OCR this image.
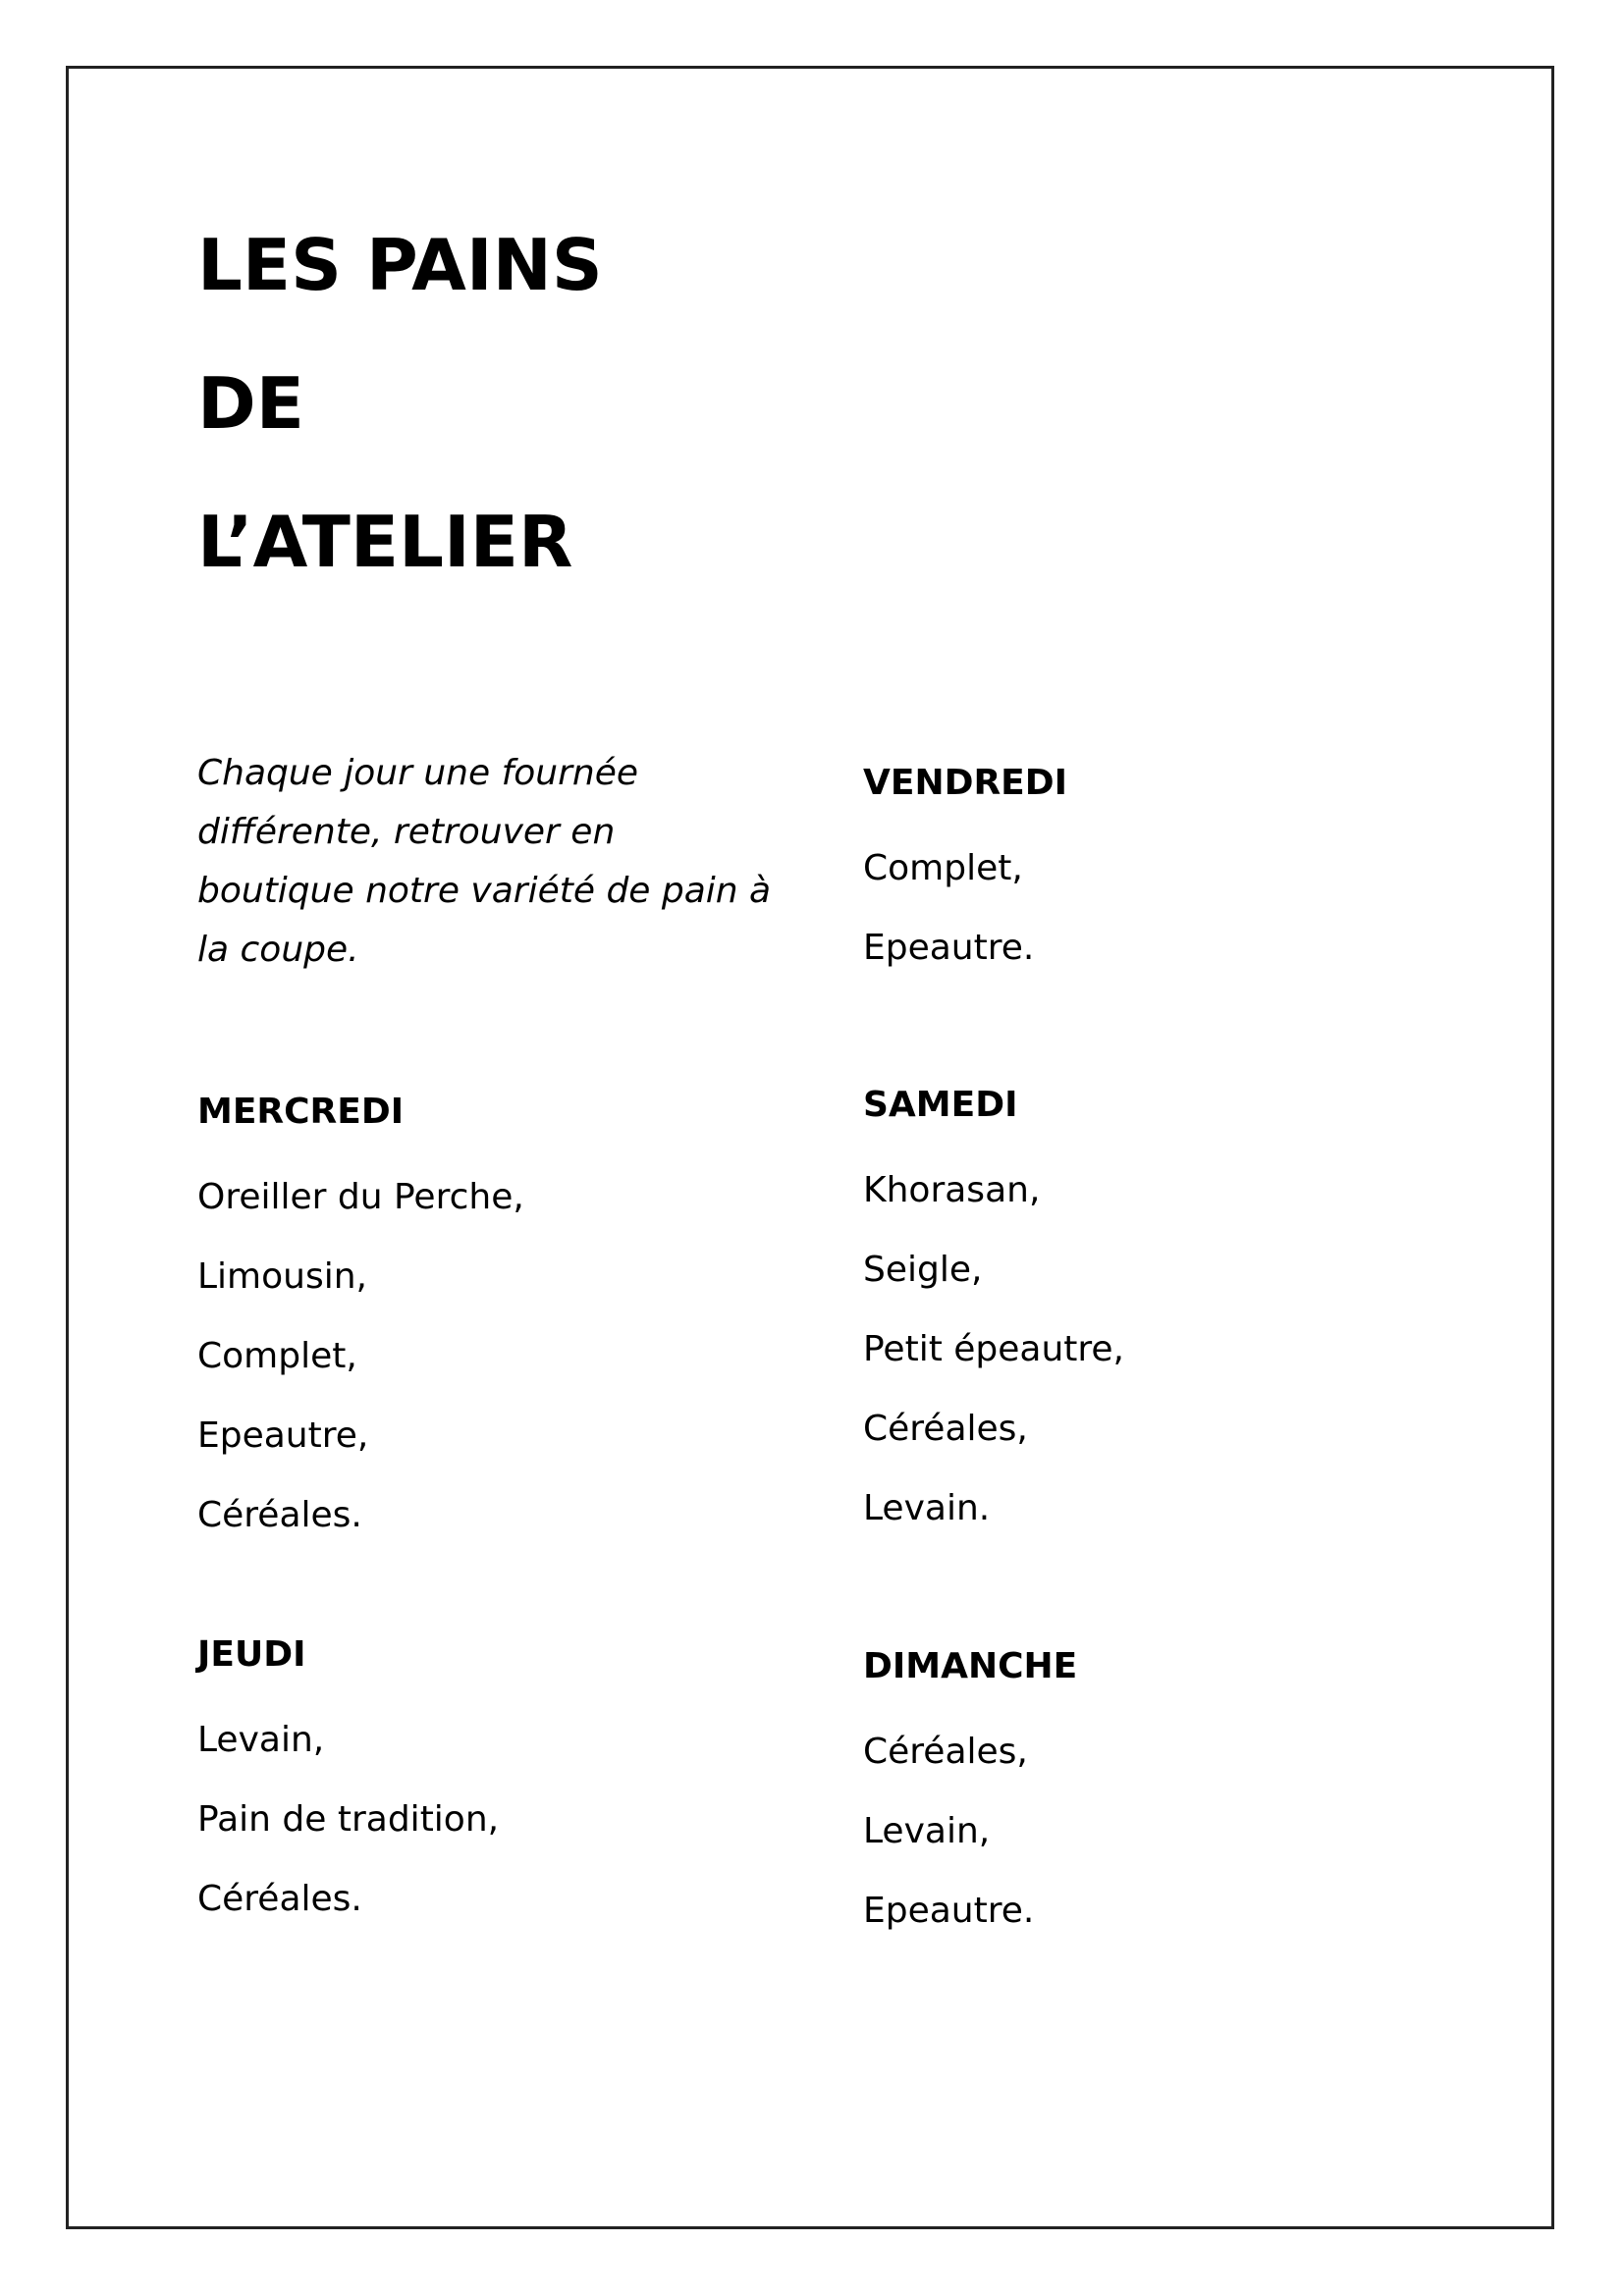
LES PAINS
DE
L’ATELIER

Chaque jour une fournée différente, retrouver en boutique notre variété de pain à la coupe.

MERCREDI
Oreiller du Perche,
Limousin,
Complet,
Epeautre,
Céréales.
JEUDI
Levain,
Pain de tradition,
Céréales.
VENDREDI
Complet,
Epeautre.
SAMEDI
Khorasan,
Seigle,
Petit épeautre,
Céréales,
Levain.
DIMANCHE
Céréales,
Levain,
Epeautre.
